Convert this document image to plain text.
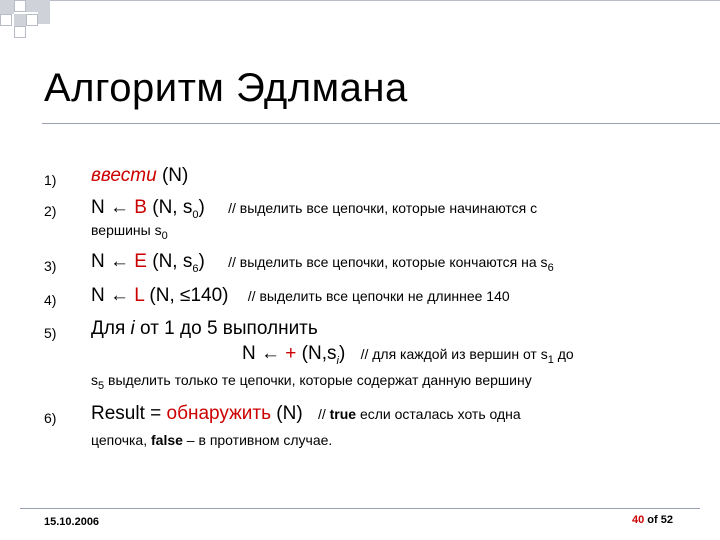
Алгоритм Эдлмана
1) ввести (N)
2) N ← B (N, $s_0$) // выделить все цепочки, которые начинаются с
вершины $s_0$
3) N ← E (N, $s_6$) // выделить все цепочки, которые кончаются на $s_6$
4) N ← L (N, ≤140) // выделить все цепочки не длиннее 140
5) Для i от 1 до 5 выполнить
N ← + $(N,s_i)$ // для каждой из вершин от $s_1$ до
$s_5$ выделить только те цепочки, которые содержат данную вершину
6) Result = обнаружить (N) // true если осталась хоть одна
цепочка, false – в противном случае.
15.10.2006	40 of 52
